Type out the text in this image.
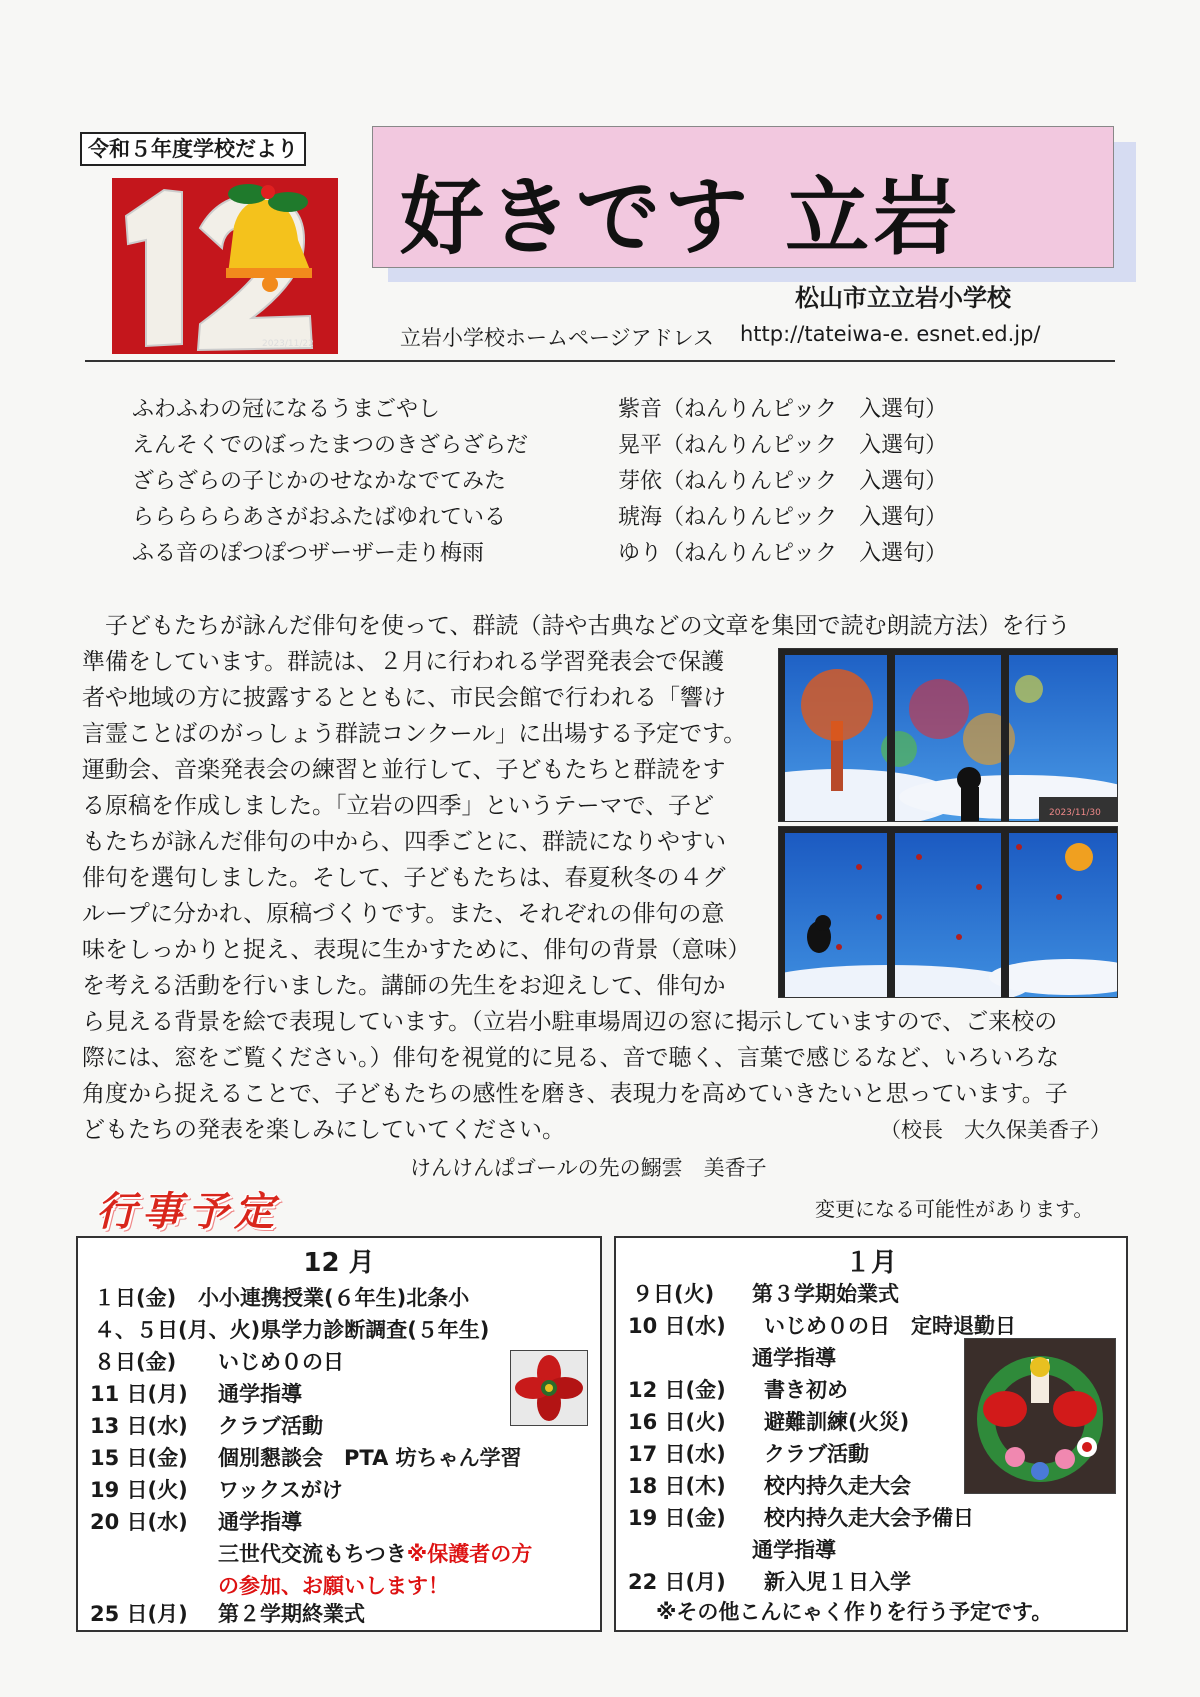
令和５年度学校だより
2023/11/22
好きです 立岩
松山市立立岩小学校
立岩小学校ホームページアドレス http://tateiwa-e. esnet.ed.jp/
ふわふわの冠になるうまごやし
えんそくでのぼったまつのきざらざらだ
ざらざらの子じかのせなかなでてみた
らららららあさがおふたばゆれている
ふる音のぽつぽつザーザー走り梅雨
紫音（ねんりんピック　入選句）
晃平（ねんりんピック　入選句）
芽依（ねんりんピック　入選句）
琥海（ねんりんピック　入選句）
ゆり（ねんりんピック　入選句）
　子どもたちが詠んだ俳句を使って、群読（詩や古典などの文章を集団で読む朗読方法）を行う
準備をしています。群読は、２月に行われる学習発表会で保護
者や地域の方に披露するとともに、市民会館で行われる「響け
言霊ことばのがっしょう群読コンクール」に出場する予定です。
運動会、音楽発表会の練習と並行して、子どもたちと群読をす
る原稿を作成しました。「立岩の四季」というテーマで、子ど
もたちが詠んだ俳句の中から、四季ごとに、群読になりやすい
俳句を選句しました。そして、子どもたちは、春夏秋冬の４グ
ループに分かれ、原稿づくりです。また、それぞれの俳句の意
味をしっかりと捉え、表現に生かすために、俳句の背景（意味）
を考える活動を行いました。講師の先生をお迎えして、俳句か
ら見える背景を絵で表現しています。（立岩小駐車場周辺の窓に掲示していますので、ご来校の
際には、窓をご覧ください。）俳句を視覚的に見る、音で聴く、言葉で感じるなど、いろいろな
角度から捉えることで、子どもたちの感性を磨き、表現力を高めていきたいと思っています。子
どもたちの発表を楽しみにしていてください。	（校長　大久保美香子）
けんけんぱゴールの先の鰯雲　美香子
2023/11/30
行事予定	変更になる可能性があります。
12 月
１日(金) 小小連携授業(６年生)北条小
４、５日(月、火)県学力診断調査(５年生)
８日(金) いじめ０の日
11 日(月) 通学指導
13 日(水) クラブ活動
15 日(金) 個別懇談会　PTA 坊ちゃん学習
19 日(火) ワックスがけ
20 日(水) 通学指導
三世代交流もちつき※保護者の方
の参加、お願いします！
25 日(月) 第２学期終業式
１月
９日(火) 第３学期始業式
10 日(水) いじめ０の日　定時退勤日
通学指導
12 日(金) 書き初め
16 日(火) 避難訓練(火災)
17 日(水) クラブ活動
18 日(木) 校内持久走大会
19 日(金) 校内持久走大会予備日
通学指導
22 日(月) 新入児１日入学
※その他こんにゃく作りを行う予定です。
